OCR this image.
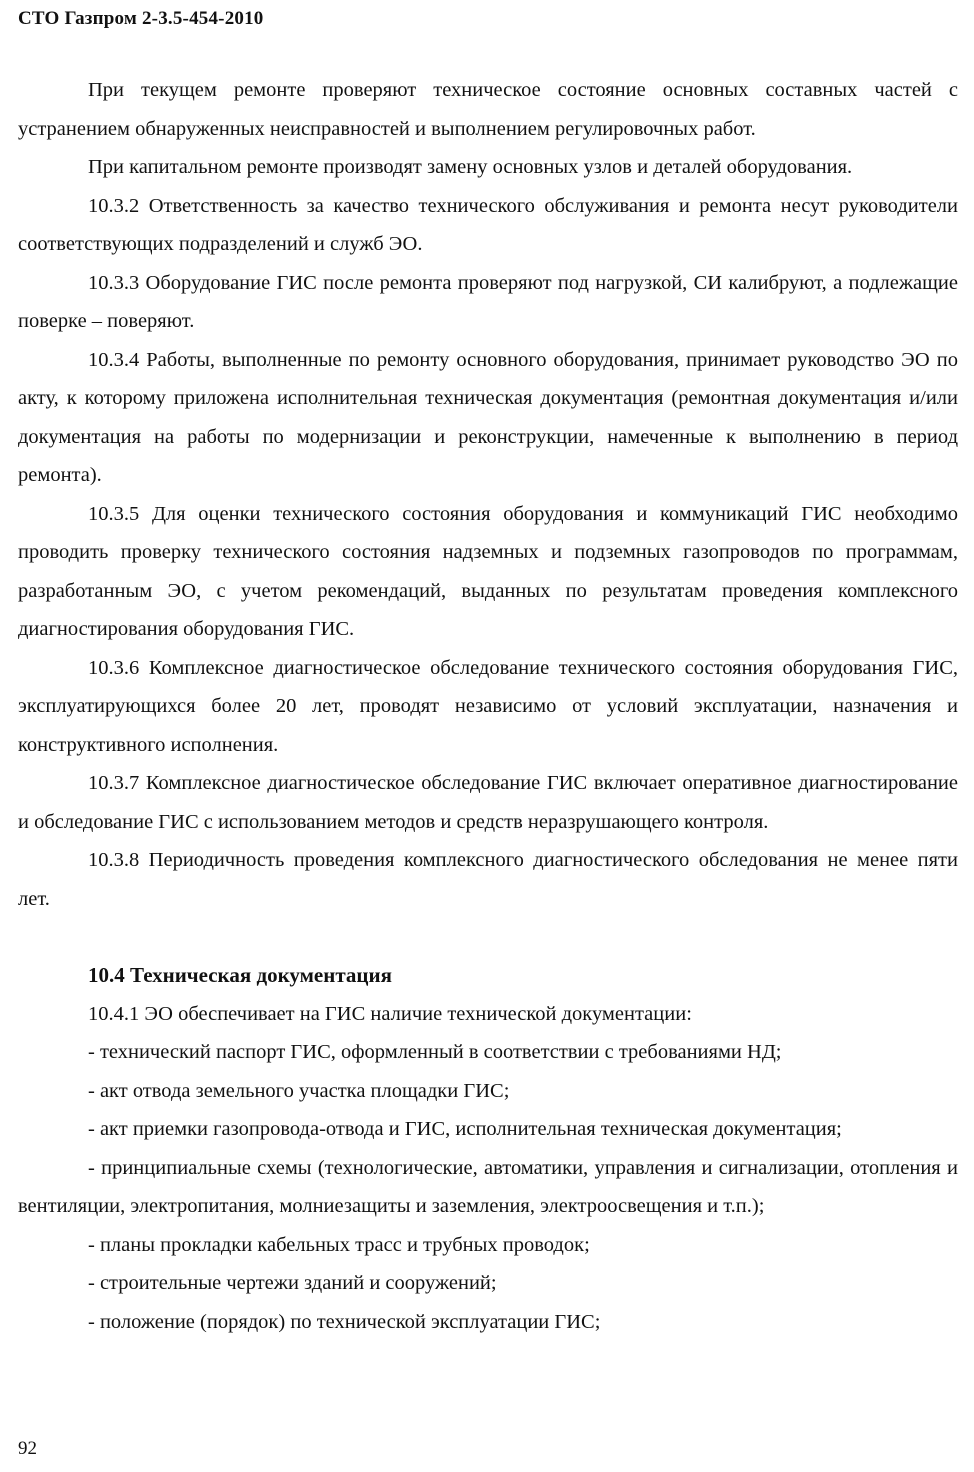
СТО Газпром 2-3.5-454-2010

При текущем ремонте проверяют техническое состояние основных составных частей с устранением обнаруженных неисправностей и выполнением регулировочных работ.

При капитальном ремонте производят замену основных узлов и деталей оборудования.

10.3.2 Ответственность за качество технического обслуживания и ремонта несут руководители соответствующих подразделений и служб ЭО.

10.3.3 Оборудование ГИС после ремонта проверяют под нагрузкой, СИ калибруют, а подлежащие поверке – поверяют.

10.3.4 Работы, выполненные по ремонту основного оборудования, принимает руководство ЭО по акту, к которому приложена исполнительная техническая документация (ремонтная документация и/или документация на работы по модернизации и реконструкции, намеченные к выполнению в период ремонта).

10.3.5 Для оценки технического состояния оборудования и коммуникаций ГИС необходимо проводить проверку технического состояния надземных и подземных газопроводов по программам, разработанным ЭО, с учетом рекомендаций, выданных по результатам проведения комплексного диагностирования оборудования ГИС.

10.3.6 Комплексное диагностическое обследование технического состояния оборудования ГИС, эксплуатирующихся более 20 лет, проводят независимо от условий эксплуатации, назначения и конструктивного исполнения.

10.3.7 Комплексное диагностическое обследование ГИС включает оперативное диагностирование и обследование ГИС с использованием методов и средств неразрушающего контроля.

10.3.8 Периодичность проведения комплексного диагностического обследования не менее пяти лет.

10.4 Техническая документация

10.4.1 ЭО обеспечивает на ГИС наличие технической документации:

- технический паспорт ГИС, оформленный в соответствии с требованиями НД;

- акт отвода земельного участка площадки ГИС;

- акт приемки газопровода-отвода и ГИС, исполнительная техническая документация;

- принципиальные схемы (технологические, автоматики, управления и сигнализации, отопления и вентиляции, электропитания, молниезащиты и заземления, электроосвещения и т.п.);

- планы прокладки кабельных трасс и трубных проводок;

- строительные чертежи зданий и сооружений;

- положение (порядок) по технической эксплуатации ГИС;

92
